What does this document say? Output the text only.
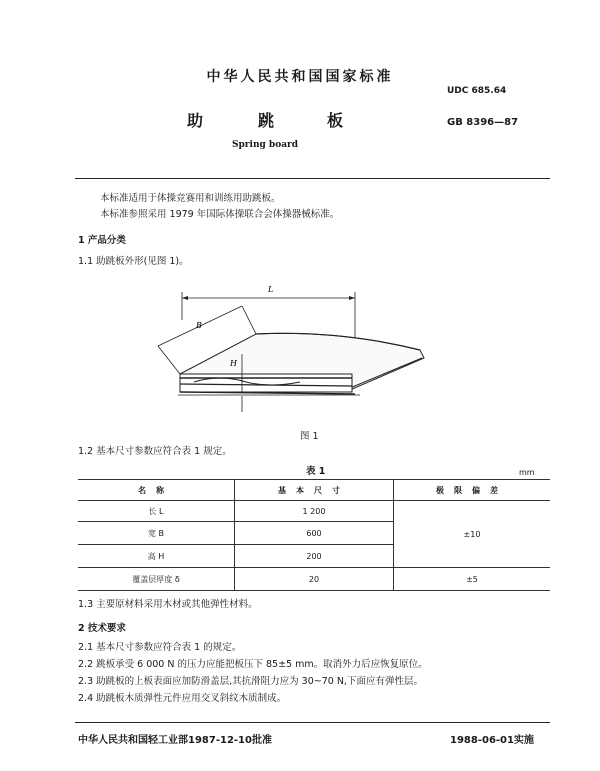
中华人民共和国国家标准
UDC 685.64
助	跳	板	GB 8396—87
Spring board
本标准适用于体操竞赛用和训练用助跳板。
本标准参照采用 1979 年国际体操联合会体操器械标准。
1 产品分类
1.1 助跳板外形(见图 1)。
L
B
H
图 1
1.2 基本尺寸参数应符合表 1 规定。
表 1	mm
名称	基本尺寸	极限偏差
长 L	1 200	±10
宽 B	600	
高 H	200	
覆盖层厚度 δ	20	±5
1.3 主要原材料采用木材或其他弹性材料。
2 技术要求
2.1 基本尺寸参数应符合表 1 的规定。
2.2 跳板承受 6 000 N 的压力应能把板压下 85±5 mm。取消外力后应恢复原位。
2.3 助跳板的上板表面应加防滑盖层,其抗滑阻力应为 30~70 N,下面应有弹性层。
2.4 助跳板木质弹性元件应用交叉斜纹木质制成。
中华人民共和国轻工业部1987-12-10批准	1988-06-01实施
